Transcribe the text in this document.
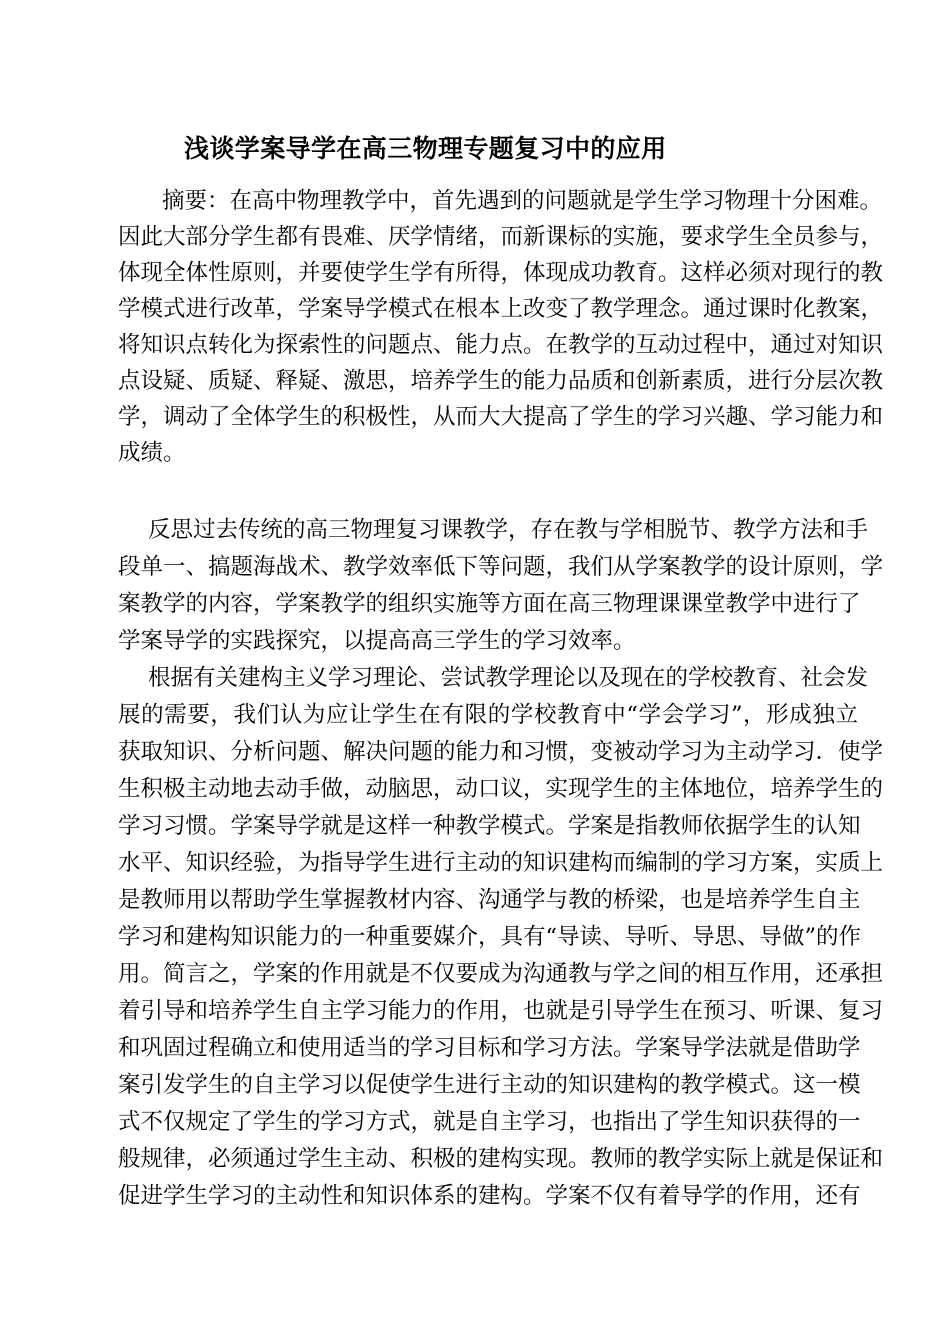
浅谈学案导学在高三物理专题复习中的应用
摘要：在高中物理教学中，首先遇到的问题就是学生学习物理十分困难。
因此大部分学生都有畏难、厌学情绪，而新课标的实施，要求学生全员参与，
体现全体性原则，并要使学生学有所得，体现成功教育。这样必须对现行的教
学模式进行改革，学案导学模式在根本上改变了教学理念。通过课时化教案，
将知识点转化为探索性的问题点、能力点。在教学的互动过程中，通过对知识
点设疑、质疑、释疑、激思，培养学生的能力品质和创新素质，进行分层次教
学，调动了全体学生的积极性，从而大大提高了学生的学习兴趣、学习能力和
成绩。
反思过去传统的高三物理复习课教学，存在教与学相脱节、教学方法和手
段单一、搞题海战术、教学效率低下等问题，我们从学案教学的设计原则，学
案教学的内容，学案教学的组织实施等方面在高三物理课课堂教学中进行了
学案导学的实践探究，以提高高三学生的学习效率。
根据有关建构主义学习理论、尝试教学理论以及现在的学校教育、社会发
展的需要，我们认为应让学生在有限的学校教育中“学会学习”，形成独立
获取知识、分析问题、解决问题的能力和习惯，变被动学习为主动学习．使学
生积极主动地去动手做，动脑思，动口议，实现学生的主体地位，培养学生的
学习习惯。学案导学就是这样一种教学模式。学案是指教师依据学生的认知
水平、知识经验，为指导学生进行主动的知识建构而编制的学习方案，实质上
是教师用以帮助学生掌握教材内容、沟通学与教的桥梁，也是培养学生自主
学习和建构知识能力的一种重要媒介，具有“导读、导听、导思、导做”的作
用。简言之，学案的作用就是不仅要成为沟通教与学之间的相互作用，还承担
着引导和培养学生自主学习能力的作用，也就是引导学生在预习、听课、复习
和巩固过程确立和使用适当的学习目标和学习方法。学案导学法就是借助学
案引发学生的自主学习以促使学生进行主动的知识建构的教学模式。这一模
式不仅规定了学生的学习方式，就是自主学习，也指出了学生知识获得的一
般规律，必须通过学生主动、积极的建构实现。教师的教学实际上就是保证和
促进学生学习的主动性和知识体系的建构。学案不仅有着导学的作用，还有
